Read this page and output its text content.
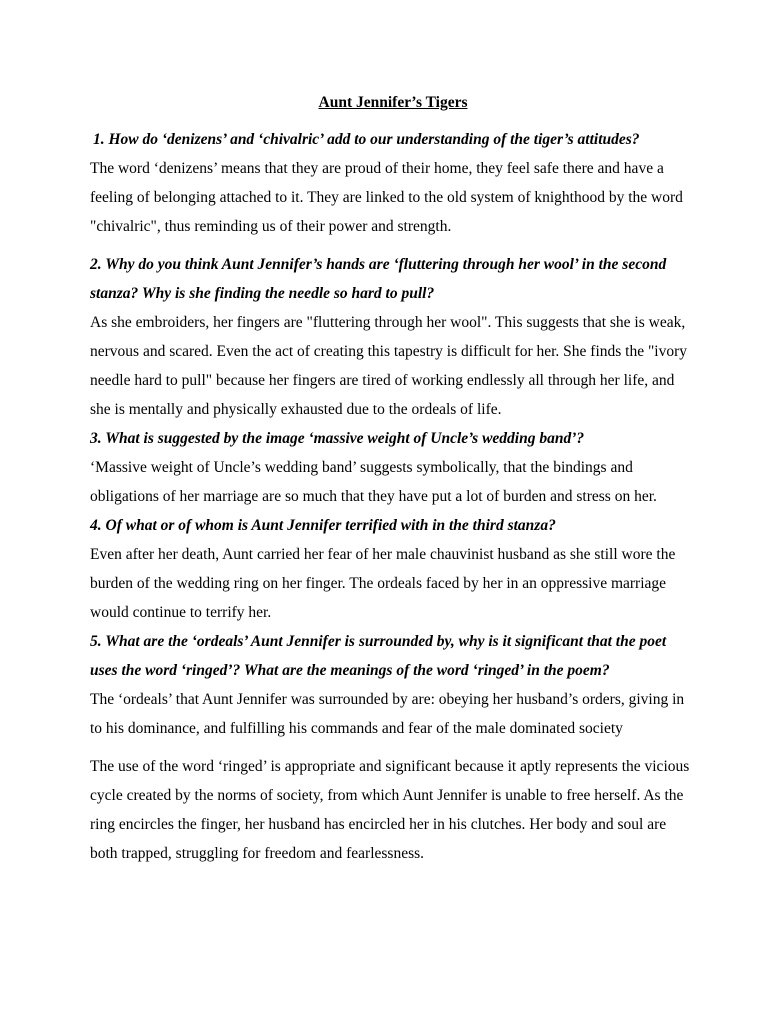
Aunt Jennifer’s Tigers

1. How do ‘denizens’ and ‘chivalric’ add to our understanding of the tiger’s attitudes?

The word ‘denizens’ means that they are proud of their home, they feel safe there and have a feeling of belonging attached to it. They are linked to the old system of knighthood by the word "chivalric", thus reminding us of their power and strength.

2. Why do you think Aunt Jennifer’s hands are ‘fluttering through her wool’ in the second stanza? Why is she finding the needle so hard to pull?

As she embroiders, her fingers are "fluttering through her wool". This suggests that she is weak, nervous and scared. Even the act of creating this tapestry is difficult for her. She finds the "ivory needle hard to pull" because her fingers are tired of working endlessly all through her life, and she is mentally and physically exhausted due to the ordeals of life.

3. What is suggested by the image ‘massive weight of Uncle’s wedding band’?

‘Massive weight of Uncle’s wedding band’ suggests symbolically, that the bindings and obligations of her marriage are so much that they have put a lot of burden and stress on her.

4. Of what or of whom is Aunt Jennifer terrified with in the third stanza?

Even after her death, Aunt carried her fear of her male chauvinist husband as she still wore the burden of the wedding ring on her finger. The ordeals faced by her in an oppressive marriage would continue to terrify her.

5. What are the ‘ordeals’ Aunt Jennifer is surrounded by, why is it significant that the poet uses the word ‘ringed’? What are the meanings of the word ‘ringed’ in the poem?

The ‘ordeals’ that Aunt Jennifer was surrounded by are: obeying her husband’s orders, giving in to his dominance, and fulfilling his commands and fear of the male dominated society

The use of the word ‘ringed’ is appropriate and significant because it aptly represents the vicious cycle created by the norms of society, from which Aunt Jennifer is unable to free herself. As the ring encircles the finger, her husband has encircled her in his clutches. Her body and soul are both trapped, struggling for freedom and fearlessness.
